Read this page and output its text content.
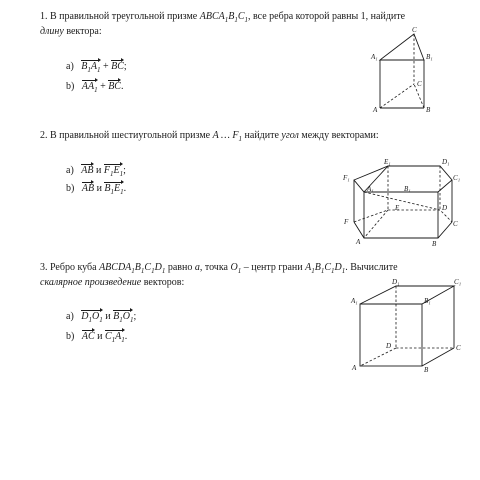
1. В правильной треугольной призме $ABCA_1B_1C_1$, все ребра которой равны 1, найдите
длину вектора:
a) $B_1A_1$ + BC;
b) $AA_1$ + BC.
C
A₁	B₁
C
A	B
2. В правильной шестиугольной призме A … $F_1$ найдите угол между векторами:
a) AB и $F_1E_1$;
b) AB и $B_1E_1$.
E₁	D₁
F₁	C₁
A₁	B₁
E	D
F	C
A	B
3. Ребро куба $ABCDA_1B_1C_1D_1$ равно a, точка $O_1$ – центр грани $A_1B_1C_1D_1$. Вычислите
скалярное произведение векторов:
a) $D_1O_1$ и $B_1O_1$;
b) AC и $C_1A_1$.
D₁	C₁
A₁	B₁
D	C
A	B
